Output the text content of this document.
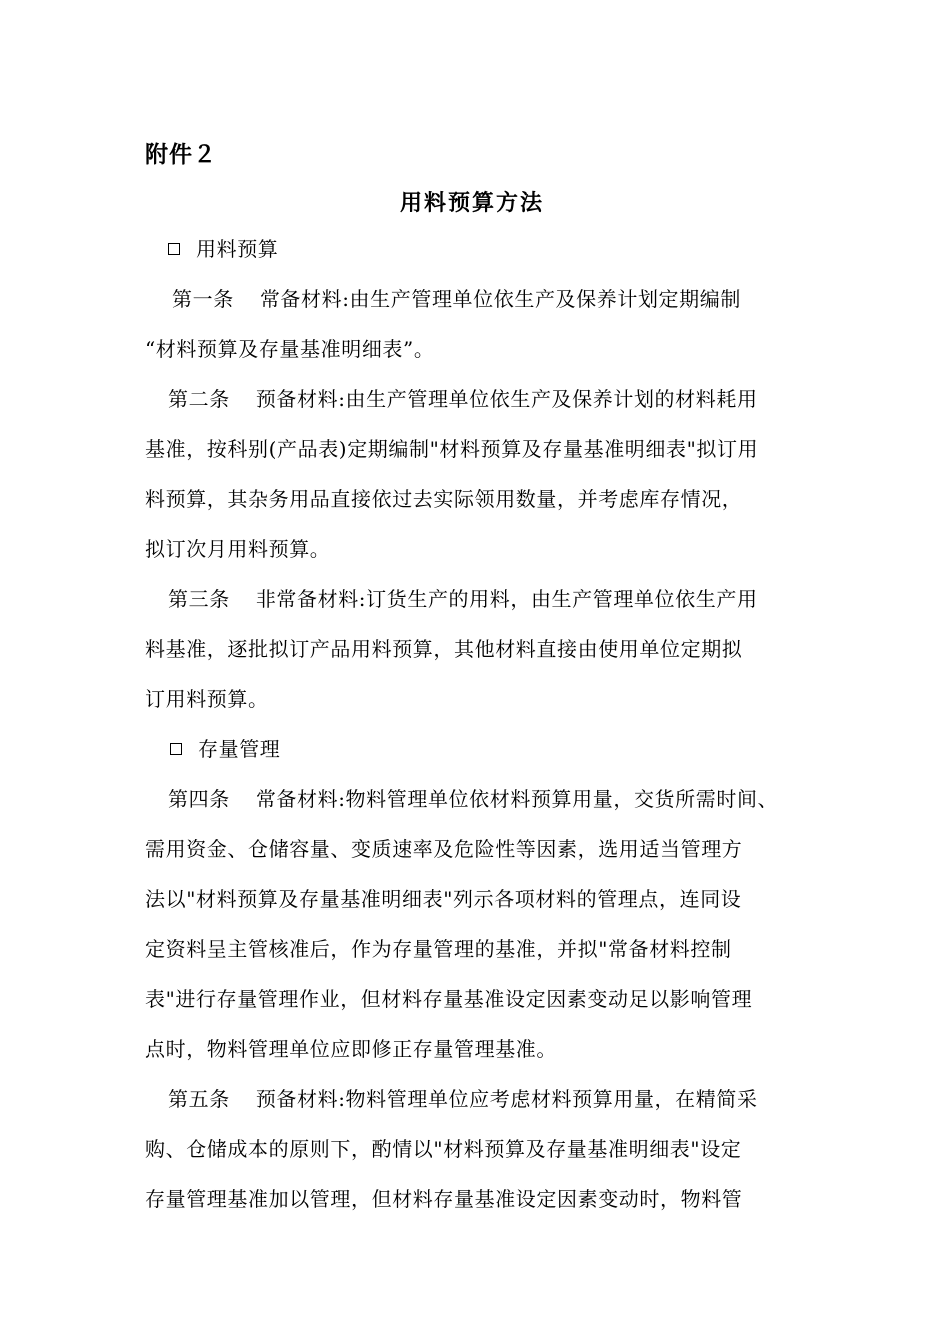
附件２
用料预算方法
用料预算
第一条 常备材料:由生产管理单位依生产及保养计划定期编制
“材料预算及存量基准明细表”。
第二条 预备材料:由生产管理单位依生产及保养计划的材料耗用
基准，按科别(产品表)定期编制"材料预算及存量基准明细表"拟订用
料预算，其杂务用品直接依过去实际领用数量，并考虑库存情况，
拟订次月用料预算。
第三条 非常备材料:订货生产的用料，由生产管理单位依生产用
料基准，逐批拟订产品用料预算，其他材料直接由使用单位定期拟
订用料预算。
存量管理
第四条 常备材料:物料管理单位依材料预算用量，交货所需时间、
需用资金、仓储容量、变质速率及危险性等因素，选用适当管理方
法以"材料预算及存量基准明细表"列示各项材料的管理点，连同设
定资料呈主管核准后，作为存量管理的基准，并拟"常备材料控制
表"进行存量管理作业，但材料存量基准设定因素变动足以影响管理
点时，物料管理单位应即修正存量管理基准。
第五条 预备材料:物料管理单位应考虑材料预算用量，在精简采
购、仓储成本的原则下，酌情以"材料预算及存量基准明细表"设定
存量管理基准加以管理，但材料存量基准设定因素变动时，物料管
